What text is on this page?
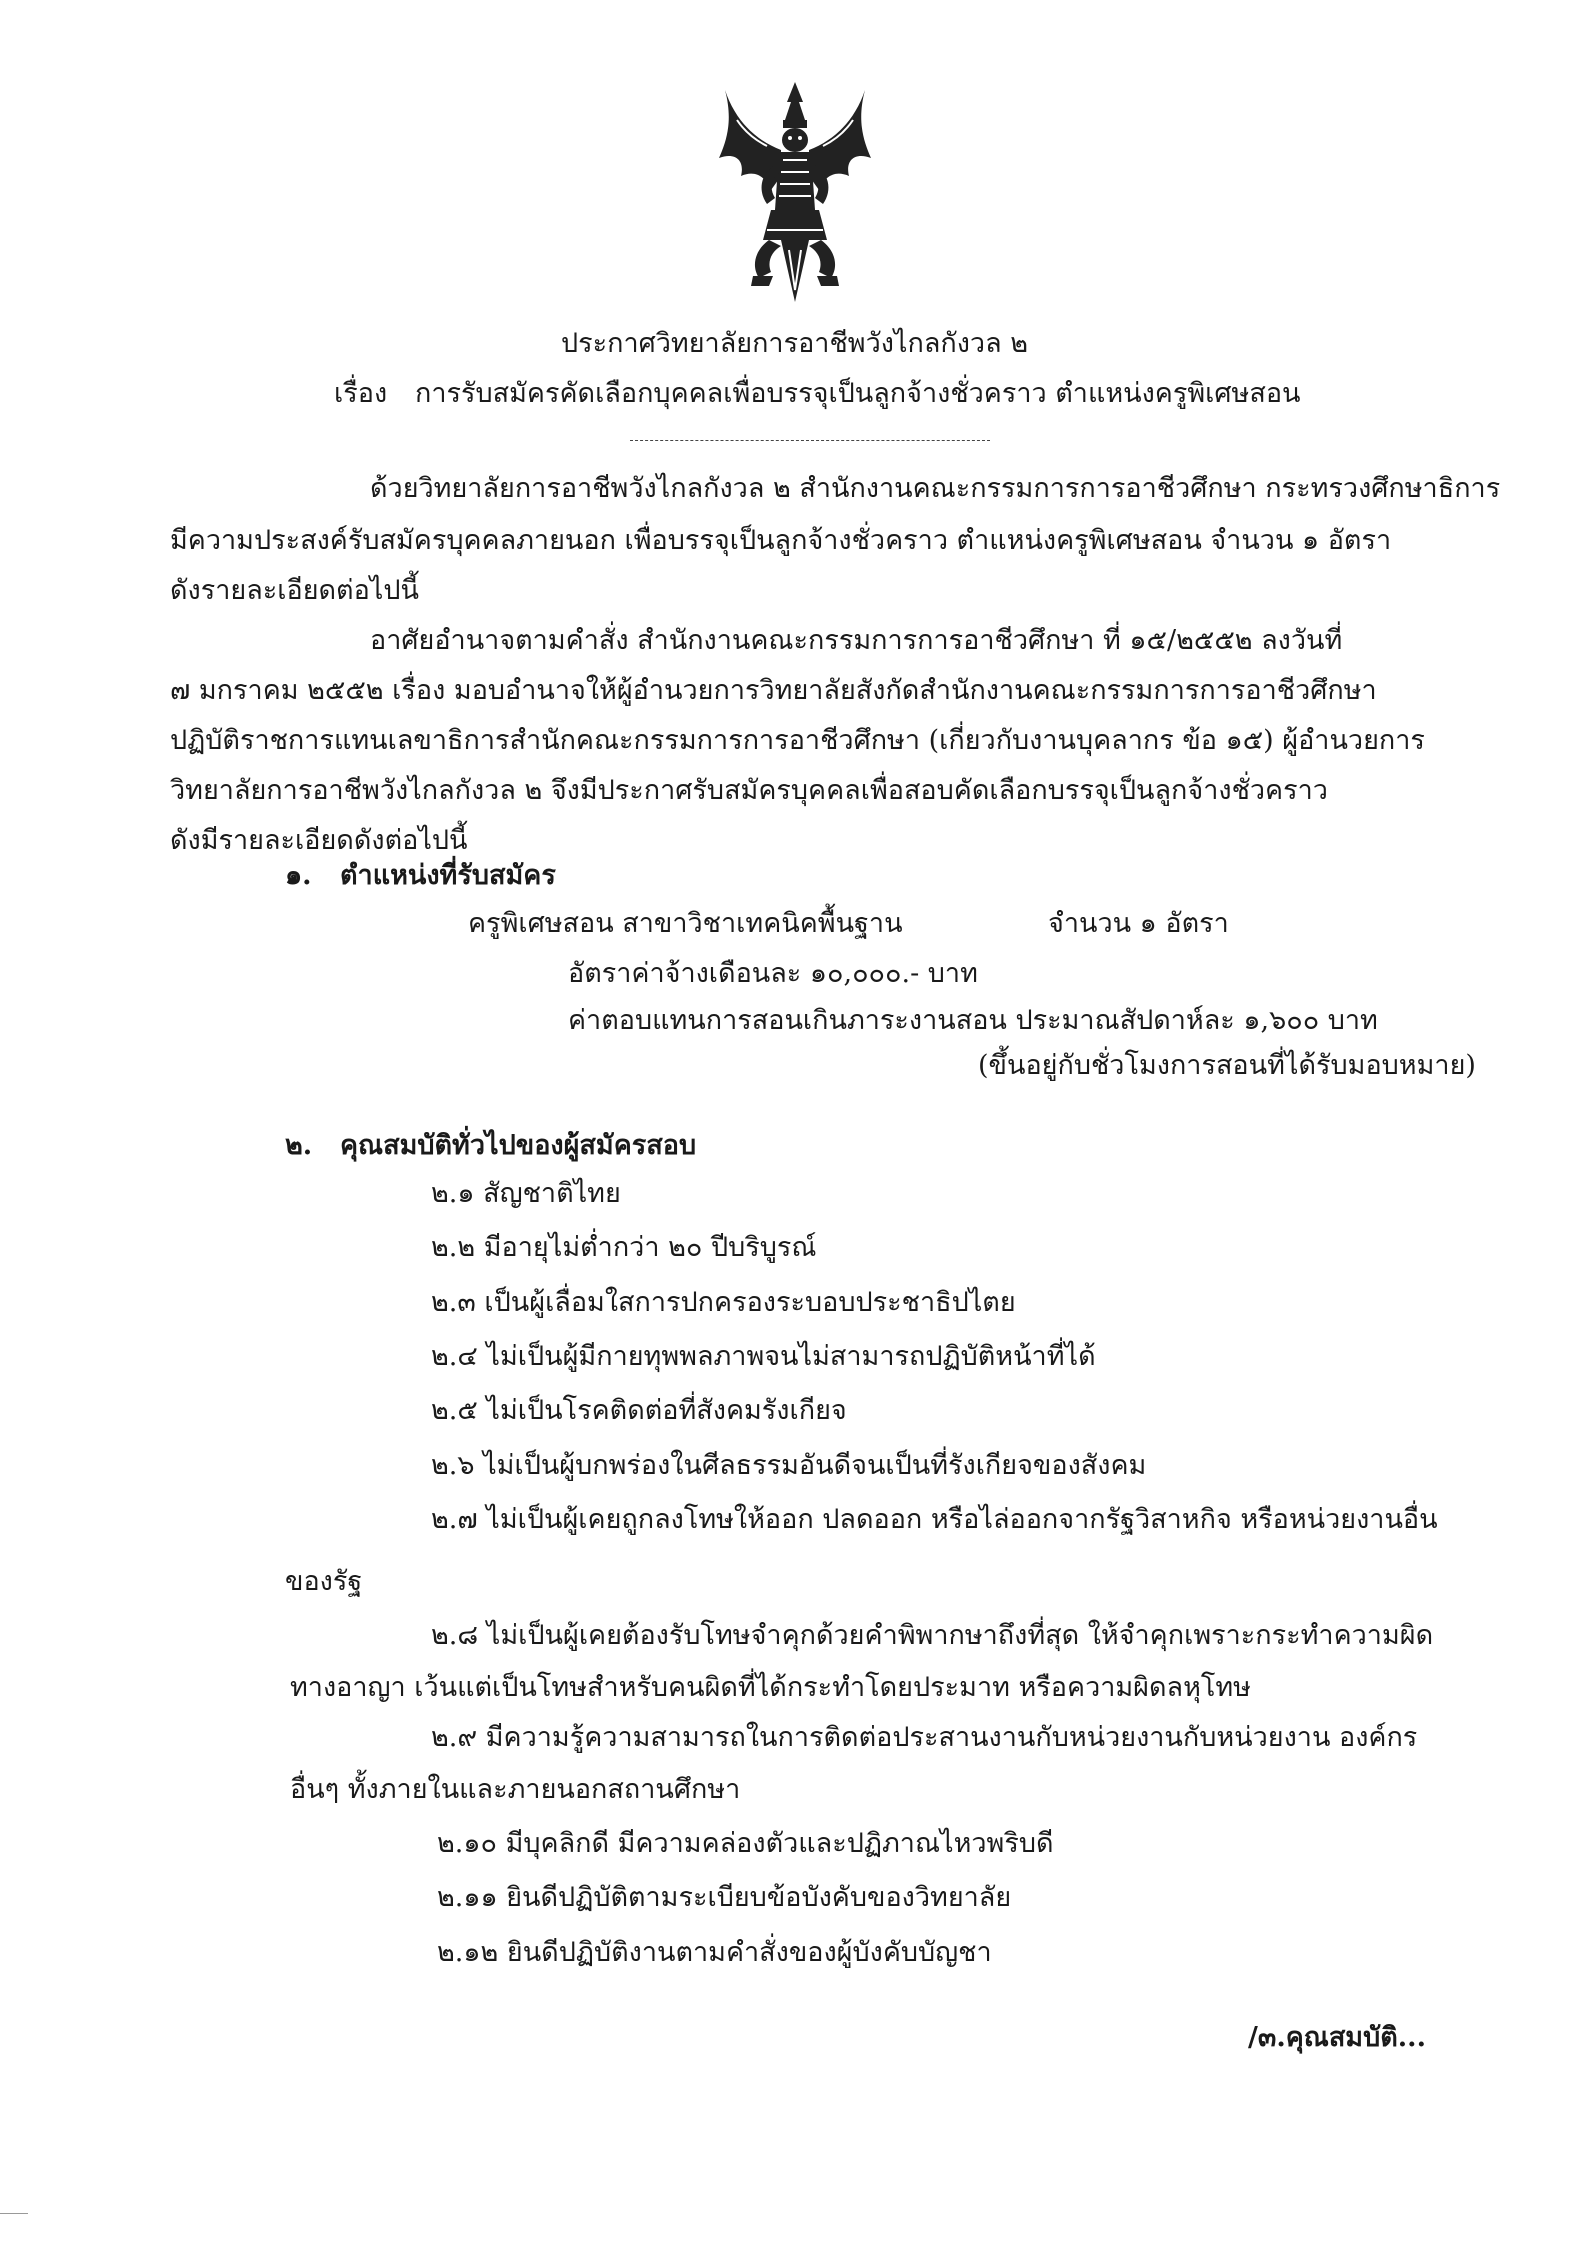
ประกาศวิทยาลัยการอาชีพวังไกลกังวล ๒
เรื่อง การรับสมัครคัดเลือกบุคคลเพื่อบรรจุเป็นลูกจ้างชั่วคราว ตำแหน่งครูพิเศษสอน
ด้วยวิทยาลัยการอาชีพวังไกลกังวล ๒ สำนักงานคณะกรรมการการอาชีวศึกษา กระทรวงศึกษาธิการ
มีความประสงค์รับสมัครบุคคลภายนอก เพื่อบรรจุเป็นลูกจ้างชั่วคราว ตำแหน่งครูพิเศษสอน จำนวน ๑ อัตรา
ดังรายละเอียดต่อไปนี้
อาศัยอำนาจตามคำสั่ง สำนักงานคณะกรรมการการอาชีวศึกษา ที่ ๑๕/๒๕๕๒ ลงวันที่
๗ มกราคม ๒๕๕๒ เรื่อง มอบอำนาจให้ผู้อำนวยการวิทยาลัยสังกัดสำนักงานคณะกรรมการการอาชีวศึกษา
ปฏิบัติราชการแทนเลขาธิการสำนักคณะกรรมการการอาชีวศึกษา (เกี่ยวกับงานบุคลากร ข้อ ๑๕) ผู้อำนวยการ
วิทยาลัยการอาชีพวังไกลกังวล ๒ จึงมีประกาศรับสมัครบุคคลเพื่อสอบคัดเลือกบรรจุเป็นลูกจ้างชั่วคราว
ดังมีรายละเอียดดังต่อไปนี้
๑. ตำแหน่งที่รับสมัคร
ครูพิเศษสอน สาขาวิชาเทคนิคพื้นฐาน	จำนวน ๑ อัตรา
อัตราค่าจ้างเดือนละ ๑๐,๐๐๐.- บาท
ค่าตอบแทนการสอนเกินภาระงานสอน ประมาณสัปดาห์ละ ๑,๖๐๐ บาท
(ขึ้นอยู่กับชั่วโมงการสอนที่ได้รับมอบหมาย)
๒. คุณสมบัติทั่วไปของผู้สมัครสอบ
๒.๑ สัญชาติไทย
๒.๒ มีอายุไม่ต่ำกว่า ๒๐ ปีบริบูรณ์
๒.๓ เป็นผู้เลื่อมใสการปกครองระบอบประชาธิปไตย
๒.๔ ไม่เป็นผู้มีกายทุพพลภาพจนไม่สามารถปฏิบัติหน้าที่ได้
๒.๕ ไม่เป็นโรคติดต่อที่สังคมรังเกียจ
๒.๖ ไม่เป็นผู้บกพร่องในศีลธรรมอันดีจนเป็นที่รังเกียจของสังคม
๒.๗ ไม่เป็นผู้เคยถูกลงโทษให้ออก ปลดออก หรือไล่ออกจากรัฐวิสาหกิจ หรือหน่วยงานอื่น
ของรัฐ
๒.๘ ไม่เป็นผู้เคยต้องรับโทษจำคุกด้วยคำพิพากษาถึงที่สุด ให้จำคุกเพราะกระทำความผิด
ทางอาญา เว้นแต่เป็นโทษสำหรับคนผิดที่ได้กระทำโดยประมาท หรือความผิดลหุโทษ
๒.๙ มีความรู้ความสามารถในการติดต่อประสานงานกับหน่วยงานกับหน่วยงาน องค์กร
อื่นๆ ทั้งภายในและภายนอกสถานศึกษา
๒.๑๐ มีบุคลิกดี มีความคล่องตัวและปฏิภาณไหวพริบดี
๒.๑๑ ยินดีปฏิบัติตามระเบียบข้อบังคับของวิทยาลัย
๒.๑๒ ยินดีปฏิบัติงานตามคำสั่งของผู้บังคับบัญชา
/๓.คุณสมบัติ...
